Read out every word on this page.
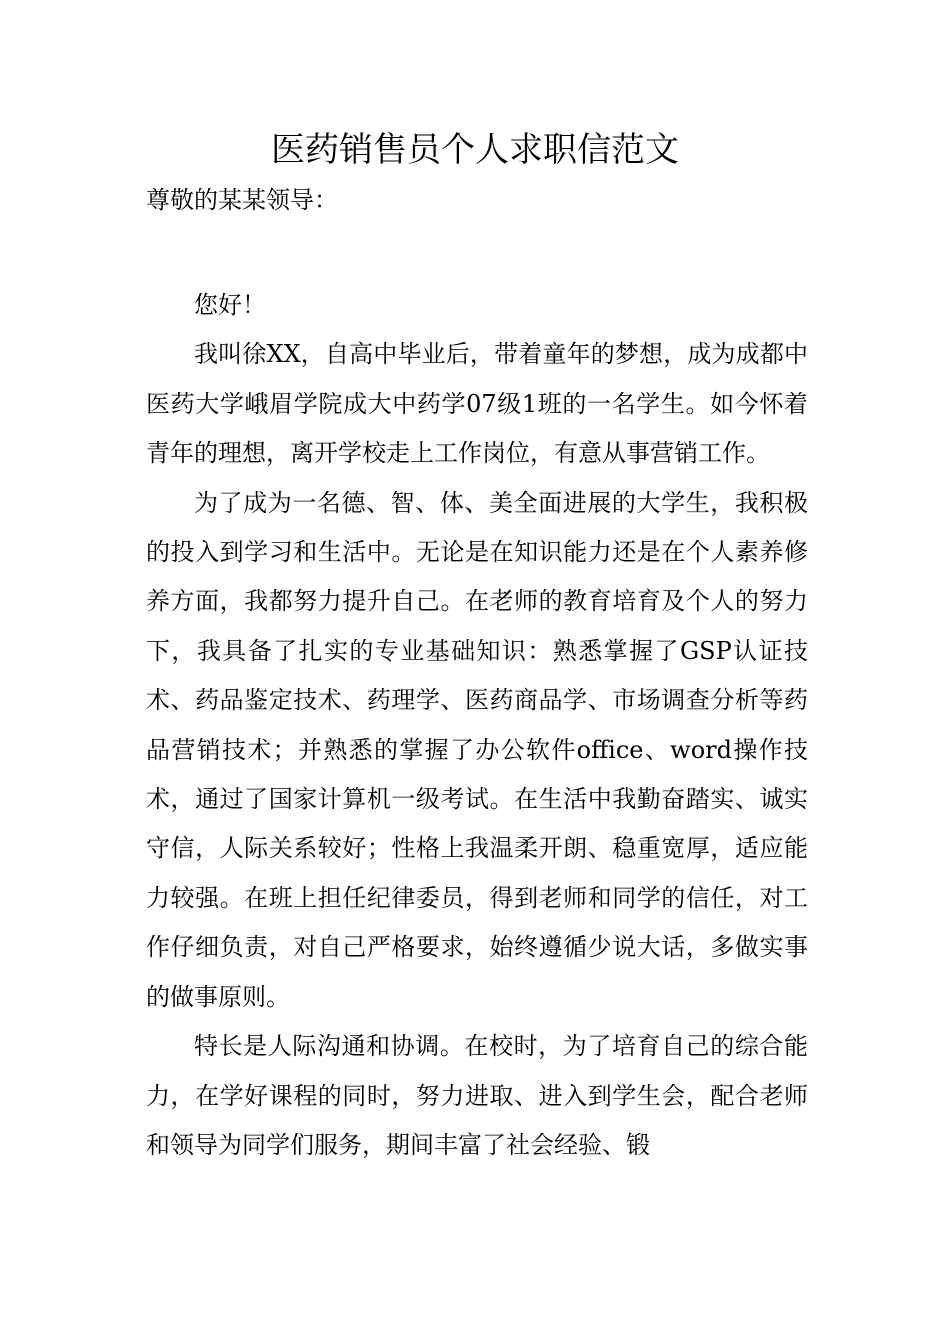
医药销售员个人求职信范文
尊敬的某某领导：

您好！

我叫徐XX，自高中毕业后，带着童年的梦想，成为成都中医药大学峨眉学院成大中药学07级1班的一名学生。如今怀着青年的理想，离开学校走上工作岗位，有意从事营销工作。

为了成为一名德、智、体、美全面进展的大学生，我积极的投入到学习和生活中。无论是在知识能力还是在个人素养修养方面，我都努力提升自己。在老师的教育培育及个人的努力下，我具备了扎实的专业基础知识：熟悉掌握了GSP认证技术、药品鉴定技术、药理学、医药商品学、市场调查分析等药品营销技术；并熟悉的掌握了办公软件office、word操作技术，通过了国家计算机一级考试。在生活中我勤奋踏实、诚实守信，人际关系较好；性格上我温柔开朗、稳重宽厚，适应能力较强。在班上担任纪律委员，得到老师和同学的信任，对工作仔细负责，对自己严格要求，始终遵循少说大话，多做实事的做事原则。

特长是人际沟通和协调。在校时，为了培育自己的综合能力，在学好课程的同时，努力进取、进入到学生会，配合老师和领导为同学们服务，期间丰富了社会经验、锻
